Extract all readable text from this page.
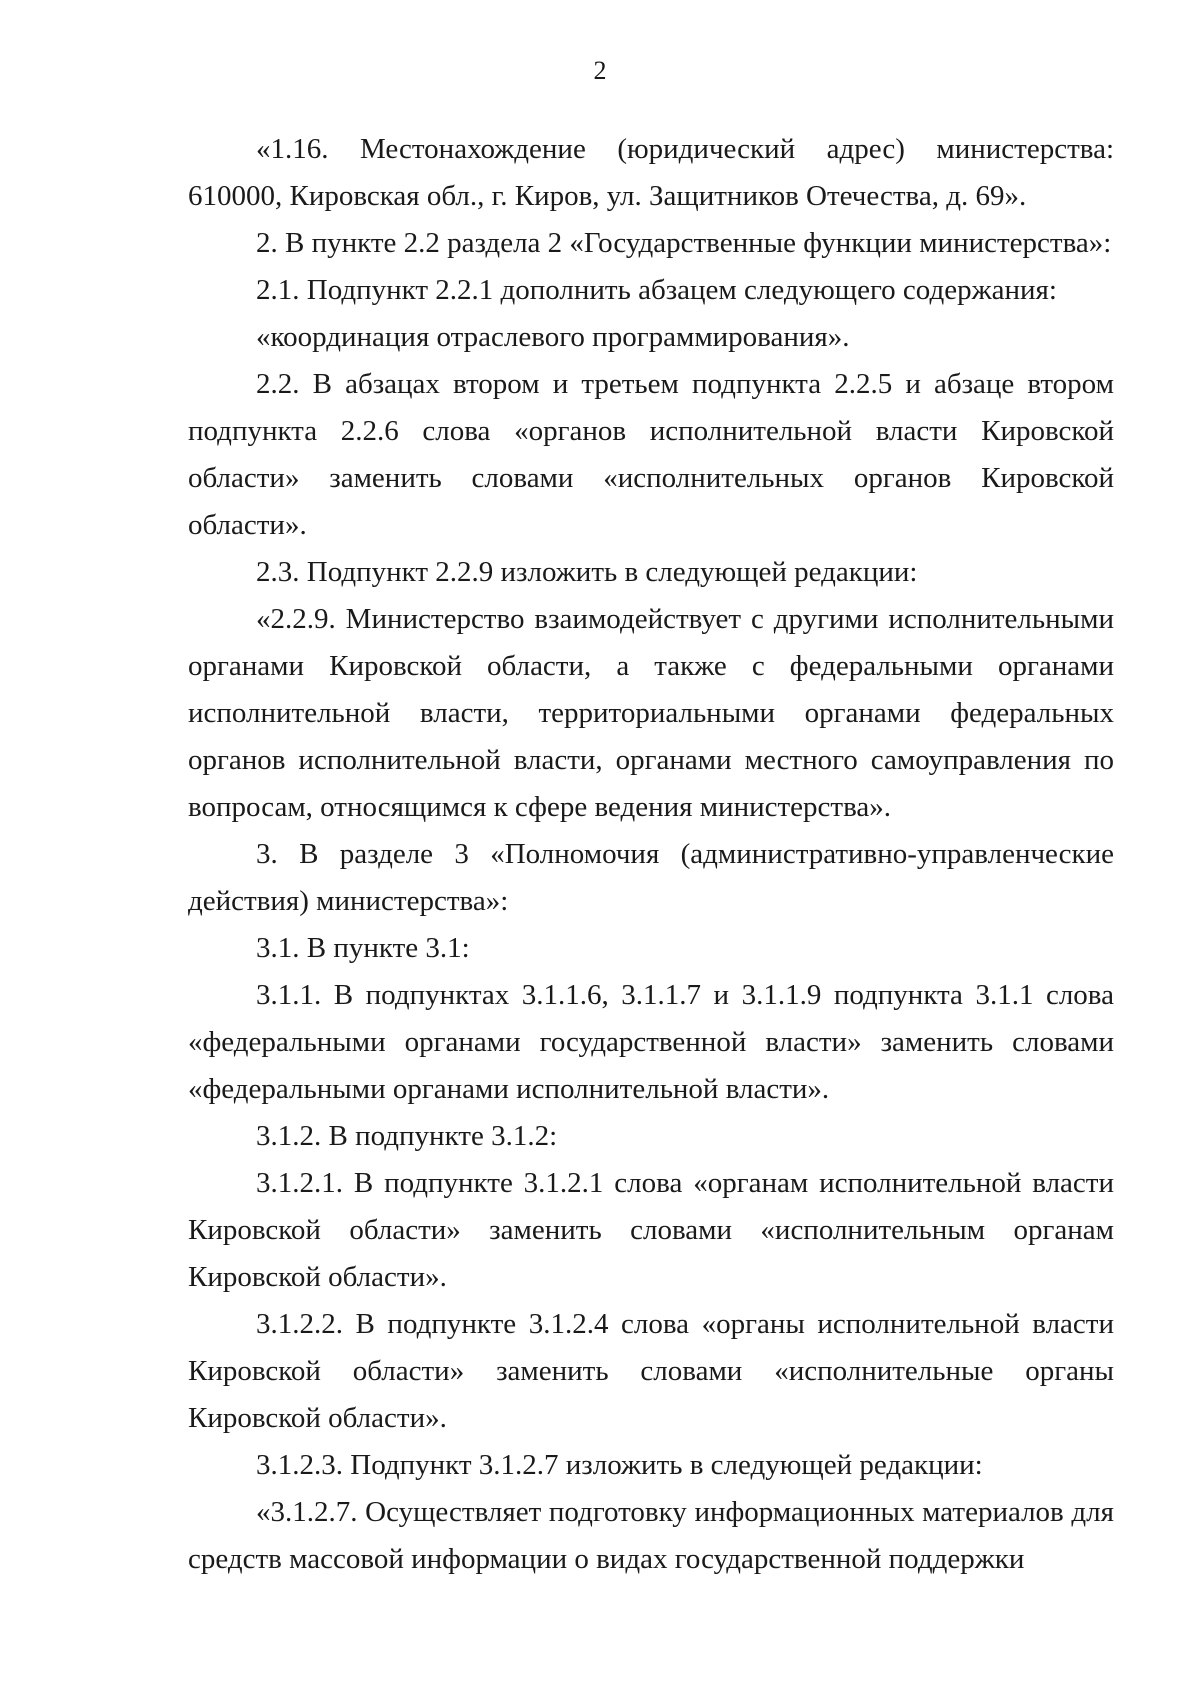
2

«1.16. Местонахождение (юридический адрес) министерства: 610000, Кировская обл., г. Киров, ул. Защитников Отечества, д. 69».

2. В пункте 2.2 раздела 2 «Государственные функции министерства»:

2.1. Подпункт 2.2.1 дополнить абзацем следующего содержания:

«координация отраслевого программирования».

2.2. В абзацах втором и третьем подпункта 2.2.5 и абзаце втором подпункта 2.2.6 слова «органов исполнительной власти Кировской области» заменить словами «исполнительных органов Кировской области».

2.3. Подпункт 2.2.9 изложить в следующей редакции:

«2.2.9. Министерство взаимодействует с другими исполнительными органами Кировской области, а также с федеральными органами исполнительной власти, территориальными органами федеральных органов исполнительной власти, органами местного самоуправления по вопросам, относящимся к сфере ведения министерства».

3. В разделе 3 «Полномочия (административно-управленческие действия) министерства»:

3.1. В пункте 3.1:

3.1.1. В подпунктах 3.1.1.6, 3.1.1.7 и 3.1.1.9 подпункта 3.1.1 слова «федеральными органами государственной власти» заменить словами «федеральными органами исполнительной власти».

3.1.2. В подпункте 3.1.2:

3.1.2.1. В подпункте 3.1.2.1 слова «органам исполнительной власти Кировской области» заменить словами «исполнительным органам Кировской области».

3.1.2.2. В подпункте 3.1.2.4 слова «органы исполнительной власти Кировской области» заменить словами «исполнительные органы Кировской области».

3.1.2.3. Подпункт 3.1.2.7 изложить в следующей редакции:

«3.1.2.7. Осуществляет подготовку информационных материалов для средств массовой информации о видах государственной поддержки
